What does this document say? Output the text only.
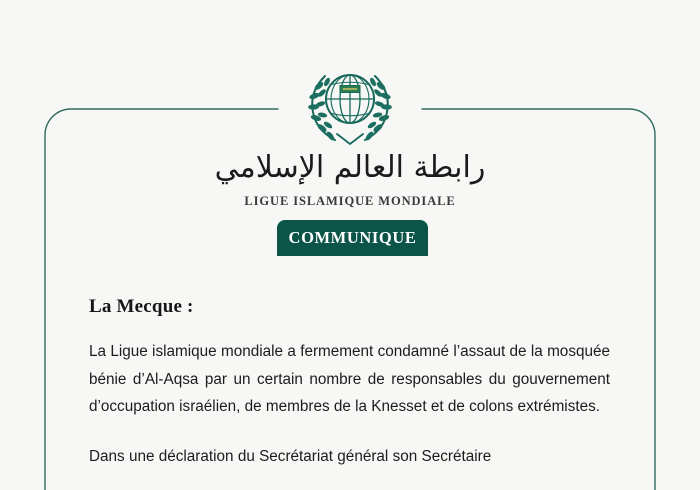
رابطة العالم الإسلامي
LIGUE ISLAMIQUE MONDIALE
COMMUNIQUE

La Mecque :

La Ligue islamique mondiale a fermement condamné l’assaut de la mosquée bénie d’Al-Aqsa par un certain nombre de responsables du gouvernement d’occupation israélien, de membres de la Knesset et de colons extrémistes.

Dans une déclaration du Secrétariat général son Secrétaire
